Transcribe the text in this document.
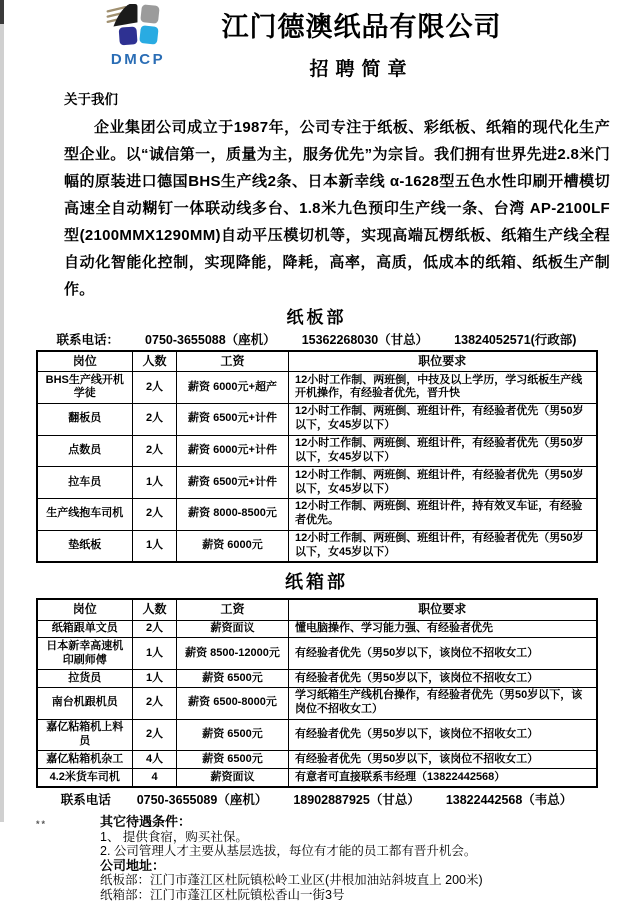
DMCP
江门德澳纸品有限公司
招聘简章
关于我们
企业集团公司成立于1987年，公司专注于纸板、彩纸板、纸箱的现代化生产型企业。以“诚信第一，质量为主，服务优先”为宗旨。我们拥有世界先进2.8米门幅的原装进口德国BHS生产线2条、日本新幸线 α-1628型五色水性印刷开槽模切高速全自动糊钉一体联动线多台、1.8米九色预印生产线一条、台湾 AP-2100LF 型(2100MMX1290MM)自动平压模切机等，实现高端瓦楞纸板、纸箱生产线全程自动化智能化控制，实现降能，降耗，高率，高质，低成本的纸箱、纸板生产制作。
纸板部
联系电话： 0750-3655088（座机） 15362268030（甘总） 13824052571(行政部)
岗位	人数	工资	职位要求
BHS生产线开机学徒	2人	薪资 6000元+超产	12小时工作制、两班倒，中技及以上学历，学习纸板生产线开机操作，有经验者优先，晋升快
翻板员	2人	薪资 6500元+计件	12小时工作制、两班倒、班组计件，有经验者优先（男50岁以下，女45岁以下）
点数员	2人	薪资 6000元+计件	12小时工作制、两班倒、班组计件，有经验者优先（男50岁以下，女45岁以下）
拉车员	1人	薪资 6500元+计件	12小时工作制、两班倒、班组计件，有经验者优先（男50岁以下，女45岁以下）
生产线抱车司机	2人	薪资 8000-8500元	12小时工作制、两班倒、班组计件，持有效叉车证，有经验者优先。
垫纸板	1人	薪资 6000元	12小时工作制、两班倒、班组计件，有经验者优先（男50岁以下，女45岁以下）
纸箱部
岗位	人数	工资	职位要求
纸箱跟单文员	2人	薪资面议	懂电脑操作、学习能力强、有经验者优先
日本新幸高速机印刷师傅	1人	薪资 8500-12000元	有经验者优先（男50岁以下，该岗位不招收女工）
拉货员	1人	薪资 6500元	有经验者优先（男50岁以下，该岗位不招收女工）
南台机跟机员	2人	薪资 6500-8000元	学习纸箱生产线机台操作，有经验者优先（男50岁以下，该岗位不招收女工）
嘉亿粘箱机上料员	2人	薪资 6500元	有经验者优先（男50岁以下，该岗位不招收女工）
嘉亿粘箱机杂工	4人	薪资 6500元	有经验者优先（男50岁以下，该岗位不招收女工）
4.2米货车司机	4	薪资面议	有意者可直接联系韦经理（13822442568）
联系电话 0750-3655089（座机） 18902887925（甘总） 13822442568（韦总）
其它待遇条件：
1、 提供食宿，购买社保。
2. 公司管理人才主要从基层选拔，每位有才能的员工都有晋升机会。
公司地址：
纸板部：江门市蓬江区杜阮镇松岭工业区(井根加油站斜坡直上 200米)
纸箱部：江门市蓬江区杜阮镇松香山一街3号
**
